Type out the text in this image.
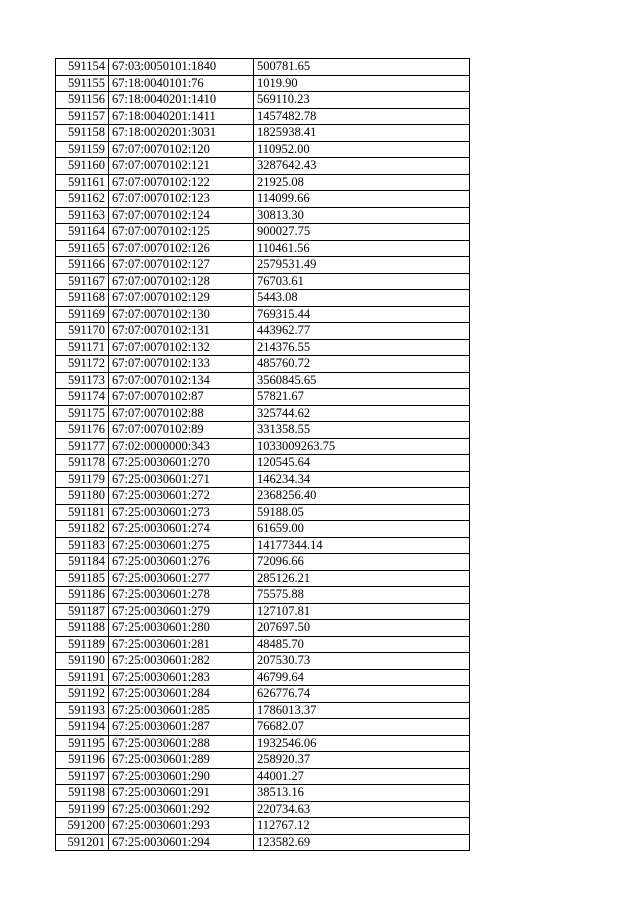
591154	67:03:0050101:1840	500781.65
591155	67:18:0040101:76	1019.90
591156	67:18:0040201:1410	569110.23
591157	67:18:0040201:1411	1457482.78
591158	67:18:0020201:3031	1825938.41
591159	67:07:0070102:120	110952.00
591160	67:07:0070102:121	3287642.43
591161	67:07:0070102:122	21925.08
591162	67:07:0070102:123	114099.66
591163	67:07:0070102:124	30813.30
591164	67:07:0070102:125	900027.75
591165	67:07:0070102:126	110461.56
591166	67:07:0070102:127	2579531.49
591167	67:07:0070102:128	76703.61
591168	67:07:0070102:129	5443.08
591169	67:07:0070102:130	769315.44
591170	67:07:0070102:131	443962.77
591171	67:07:0070102:132	214376.55
591172	67:07:0070102:133	485760.72
591173	67:07:0070102:134	3560845.65
591174	67:07:0070102:87	57821.67
591175	67:07:0070102:88	325744.62
591176	67:07:0070102:89	331358.55
591177	67:02:0000000:343	1033009263.75
591178	67:25:0030601:270	120545.64
591179	67:25:0030601:271	146234.34
591180	67:25:0030601:272	2368256.40
591181	67:25:0030601:273	59188.05
591182	67:25:0030601:274	61659.00
591183	67:25:0030601:275	14177344.14
591184	67:25:0030601:276	72096.66
591185	67:25:0030601:277	285126.21
591186	67:25:0030601:278	75575.88
591187	67:25:0030601:279	127107.81
591188	67:25:0030601:280	207697.50
591189	67:25:0030601:281	48485.70
591190	67:25:0030601:282	207530.73
591191	67:25:0030601:283	46799.64
591192	67:25:0030601:284	626776.74
591193	67:25:0030601:285	1786013.37
591194	67:25:0030601:287	76682.07
591195	67:25:0030601:288	1932546.06
591196	67:25:0030601:289	258920.37
591197	67:25:0030601:290	44001.27
591198	67:25:0030601:291	38513.16
591199	67:25:0030601:292	220734.63
591200	67:25:0030601:293	112767.12
591201	67:25:0030601:294	123582.69
